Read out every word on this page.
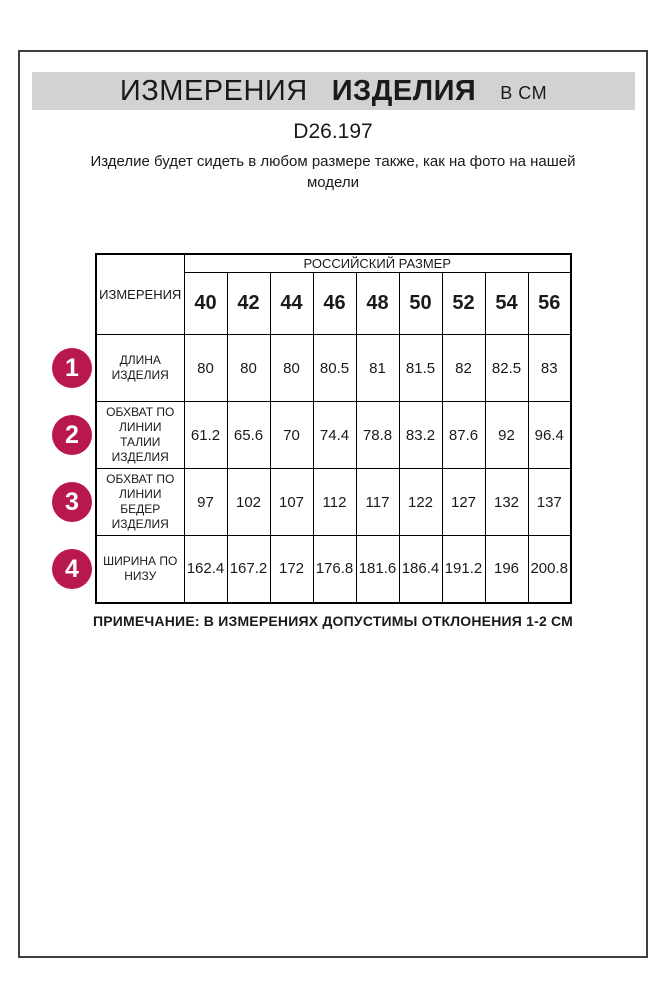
ИЗМЕРЕНИЯ ИЗДЕЛИЯ В СМ
D26.197
Изделие будет сидеть в любом размере также, как на фото на нашей модели
ИЗМЕРЕНИЯ	РОССИЙСКИЙ РАЗМЕР								
	40	42	44	46	48	50	52	54	56
ДЛИНА ИЗДЕЛИЯ	80	80	80	80.5	81	81.5	82	82.5	83
ОБХВАТ ПО ЛИНИИ ТАЛИИ ИЗДЕЛИЯ	61.2	65.6	70	74.4	78.8	83.2	87.6	92	96.4
ОБХВАТ ПО ЛИНИИ БЕДЕР ИЗДЕЛИЯ	97	102	107	112	117	122	127	132	137
ШИРИНА ПО НИЗУ	162.4	167.2	172	176.8	181.6	186.4	191.2	196	200.8
1
2
3
4
ПРИМЕЧАНИЕ: В ИЗМЕРЕНИЯХ ДОПУСТИМЫ ОТКЛОНЕНИЯ 1-2 СМ
